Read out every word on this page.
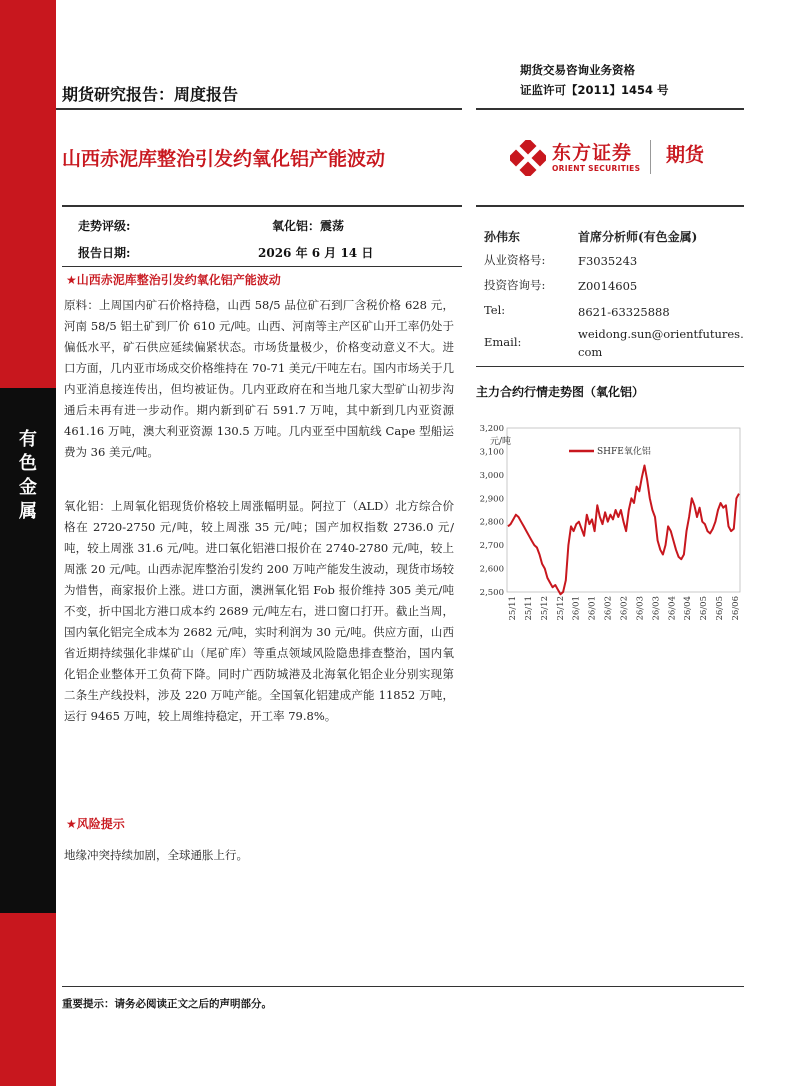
有
色
金
属
期货交易咨询业务资格
证监许可【2011】1454 号
期货研究报告：周度报告
山西赤泥库整治引发约氧化铝产能波动	东方证券
ORIENT SECURITIES
期货
走势评级:	氧化铝：震荡
报告日期:	2026 年 6 月 14 日
★山西赤泥库整治引发约氧化铝产能波动
原料：上周国内矿石价格持稳，山西 58/5 品位矿石到厂含税价格 628 元，河南 58/5 铝土矿到厂价 610 元/吨。山西、河南等主产区矿山开工率仍处于偏低水平，矿石供应延续偏紧状态。市场货量极少，价格变动意义不大。进口方面，几内亚市场成交价格维持在 70-71 美元/干吨左右。国内市场关于几内亚消息接连传出，但均被证伪。几内亚政府在和当地几家大型矿山初步沟通后未再有进一步动作。期内新到矿石 591.7 万吨，其中新到几内亚资源 461.16 万吨，澳大利亚资源 130.5 万吨。几内亚至中国航线 Cape 型船运费为 36 美元/吨。
氧化铝：上周氧化铝现货价格较上周涨幅明显。阿拉丁（ALD）北方综合价格在 2720-2750 元/吨，较上周涨 35 元/吨；国产加权指数 2736.0 元/吨，较上周涨 31.6 元/吨。进口氧化铝港口报价在 2740-2780 元/吨，较上周涨 20 元/吨。山西赤泥库整治引发约 200 万吨产能发生波动，现货市场较为惜售，商家报价上涨。进口方面，澳洲氧化铝 Fob 报价维持 305 美元/吨不变，折中国北方港口成本约 2689 元/吨左右，进口窗口打开。截止当周，国内氧化铝完全成本为 2682 元/吨，实时利润为 30 元/吨。供应方面，山西省近期持续强化非煤矿山（尾矿库）等重点领域风险隐患排查整治，国内氧化铝企业整体开工负荷下降。同时广西防城港及北海氧化铝企业分别实现第二条生产线投料，涉及 220 万吨产能。全国氧化铝建成产能 11852 万吨，运行 9465 万吨，较上周维持稳定，开工率 79.8%。
★风险提示
地缘冲突持续加剧，全球通胀上行。
孙伟东	首席分析师(有色金属)
从业资格号:	F3035243
投资咨询号:	Z0014605
Tel:	8621-63325888
Email:
weidong.sun@orientfutures.
com
主力合约行情走势图（氧化铝）
元/吨
2,500
2,600
2,700
2,800
2,900
3,000
3,100
3,200
25/11 25/11 25/12 25/12 26/01 26/01 26/02 26/02 26/03 26/03 26/04 26/04 26/05 26/05 26/06
SHFE氧化铝
重要提示：请务必阅读正文之后的声明部分。
